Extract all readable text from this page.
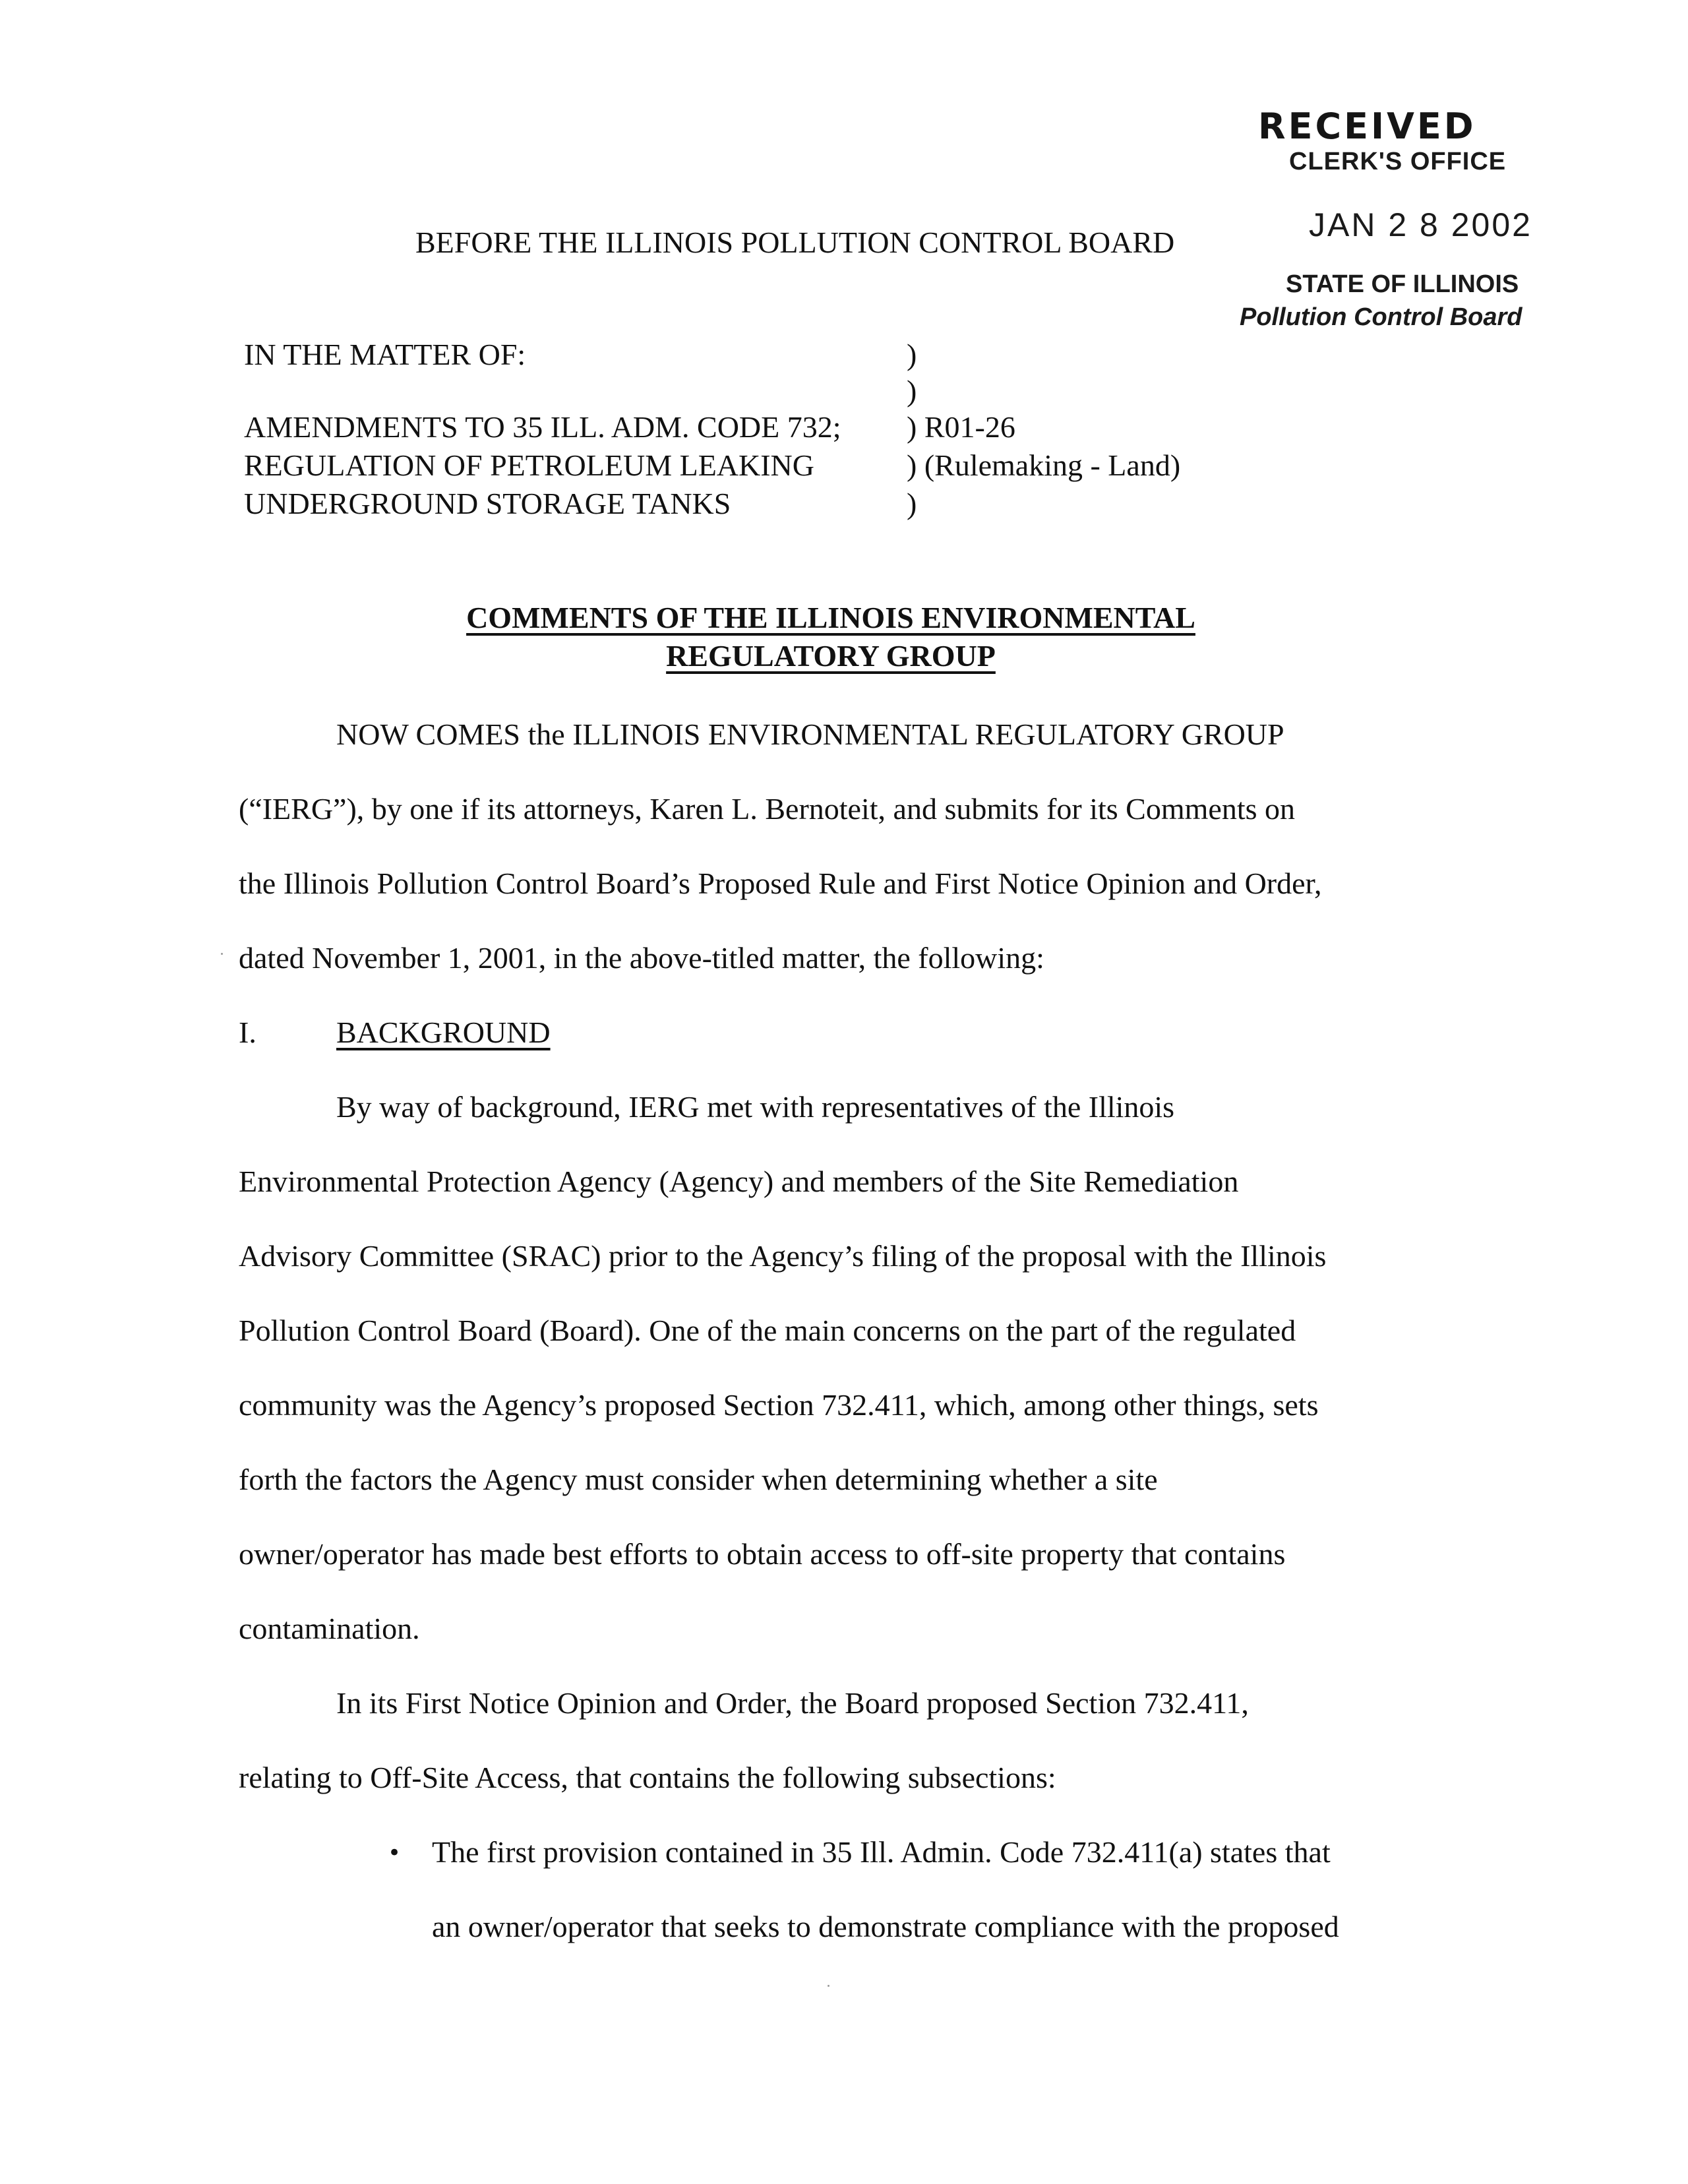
RECEIVED
CLERK'S OFFICE
JAN 2 8 2002
STATE OF ILLINOIS
Pollution Control Board
BEFORE THE ILLINOIS POLLUTION CONTROL BOARD
IN THE MATTER OF:
AMENDMENTS TO 35 ILL. ADM. CODE 732;
REGULATION OF PETROLEUM LEAKING
UNDERGROUND STORAGE TANKS
)
)
) R01-26
) (Rulemaking - Land)
)
COMMENTS OF THE ILLINOIS ENVIRONMENTAL
REGULATORY GROUP
NOW COMES the ILLINOIS ENVIRONMENTAL REGULATORY GROUP
(“IERG”), by one if its attorneys, Karen L. Bernoteit, and submits for its Comments on
the Illinois Pollution Control Board’s Proposed Rule and First Notice Opinion and Order,
dated November 1, 2001, in the above-titled matter, the following:
I.	BACKGROUND
By way of background, IERG met with representatives of the Illinois
Environmental Protection Agency (Agency) and members of the Site Remediation
Advisory Committee (SRAC) prior to the Agency’s filing of the proposal with the Illinois
Pollution Control Board (Board). One of the main concerns on the part of the regulated
community was the Agency’s proposed Section 732.411, which, among other things, sets
forth the factors the Agency must consider when determining whether a site
owner/operator has made best efforts to obtain access to off-site property that contains
contamination.
In its First Notice Opinion and Order, the Board proposed Section 732.411,
relating to Off-Site Access, that contains the following subsections:
• The first provision contained in 35 Ill. Admin. Code 732.411(a) states that
an owner/operator that seeks to demonstrate compliance with the proposed
